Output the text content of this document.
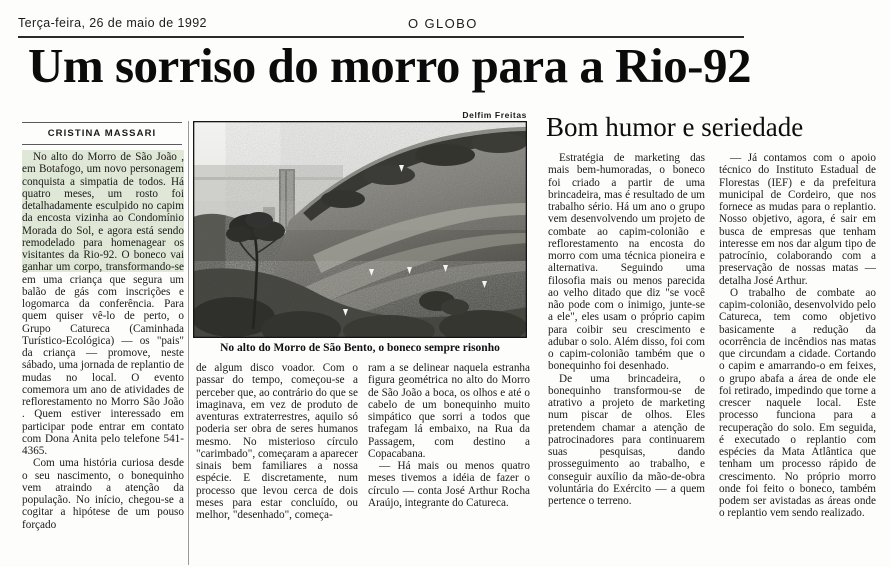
Terça-feira, 26 de maio de 1992	O GLOBO
Um sorriso do morro para a Rio-92
CRISTINA MASSARI

No alto do Morro de São João , em Botafogo, um novo personagem conquista a simpatia de todos. Há quatro meses, um rosto foi detalhadamente esculpido no capim da encosta vizinha ao Condomínio Morada do Sol, e agora está sendo remodelado para homenagear os visitantes da Rio-92. O boneco vai ganhar um corpo, transformando-se em uma criança que segura um balão de gás com inscrições e logomarca da conferência. Para quem quiser vê-lo de perto, o Grupo Catureca (Caminhada Turístico-Ecológica) — os "pais" da criança — promove, neste sábado, uma jornada de replantio de mudas no local. O evento comemora um ano de atividades de reflorestamento no Morro São João . Quem estiver interessado em participar pode entrar em contato com Dona Anita pelo telefone 541-4365.

Com uma história curiosa desde o seu nascimento, o bonequinho vem atraindo a atenção da população. No início, chegou-se a cogitar a hipótese de um pouso forçado

Delfim Freitas
No alto do Morro de São Bento, o boneco sempre risonho

de algum disco voador. Com o passar do tempo, começou-se a perceber que, ao contrário do que se imaginava, em vez de produto de aventuras extraterrestres, aquilo só poderia ser obra de seres humanos mesmo. No misterioso círculo "carimbado", começaram a aparecer sinais bem familiares a nossa espécie. E discretamente, num processo que levou cerca de dois meses para estar concluído, ou melhor, "desenhado", começa-

ram a se delinear naquela estranha figura geométrica no alto do Morro de São João a boca, os olhos e até o cabelo de um bonequinho muito simpático que sorri a todos que trafegam lá embaixo, na Rua da Passagem, com destino a Copacabana.

— Há mais ou menos quatro meses tivemos a idéia de fazer o círculo — conta José Arthur Rocha Araújo, integrante do Catureca.

Bom humor e seriedade

Estratégia de marketing das mais bem-humoradas, o boneco foi criado a partir de uma brincadeira, mas é resultado de um trabalho sério. Há um ano o grupo vem desenvolvendo um projeto de combate ao capim-colonião e reflorestamento na encosta do morro com uma técnica pioneira e alternativa. Seguindo uma filosofia mais ou menos parecida ao velho ditado que diz "se você não pode com o inimigo, junte-se a ele", eles usam o próprio capim para coibir seu crescimento e adubar o solo. Além disso, foi com o capim-colonião também que o bonequinho foi desenhado.

De uma brincadeira, o bonequinho transformou-se de atrativo a projeto de marketing num piscar de olhos. Eles pretendem chamar a atenção de patrocinadores para continuarem suas pesquisas, dando prosseguimento ao trabalho, e conseguir auxílio da mão-de-obra voluntária do Exército — a quem pertence o terreno.

— Já contamos com o apoio técnico do Instituto Estadual de Florestas (IEF) e da prefeitura municipal de Cordeiro, que nos fornece as mudas para o replantio. Nosso objetivo, agora, é sair em busca de empresas que tenham interesse em nos dar algum tipo de patrocínio, colaborando com a preservação de nossas matas — detalha José Arthur.

O trabalho de combate ao capim-colonião, desenvolvido pelo Catureca, tem como objetivo basicamente a redução da ocorrência de incêndios nas matas que circundam a cidade. Cortando o capim e amarrando-o em feixes, o grupo abafa a área de onde ele foi retirado, impedindo que torne a crescer naquele local. Este processo funciona para a recuperação do solo. Em seguida, é executado o replantio com espécies da Mata Atlântica que tenham um processo rápido de crescimento. No próprio morro onde foi feito o boneco, também podem ser avistadas as áreas onde o replantio vem sendo realizado.
